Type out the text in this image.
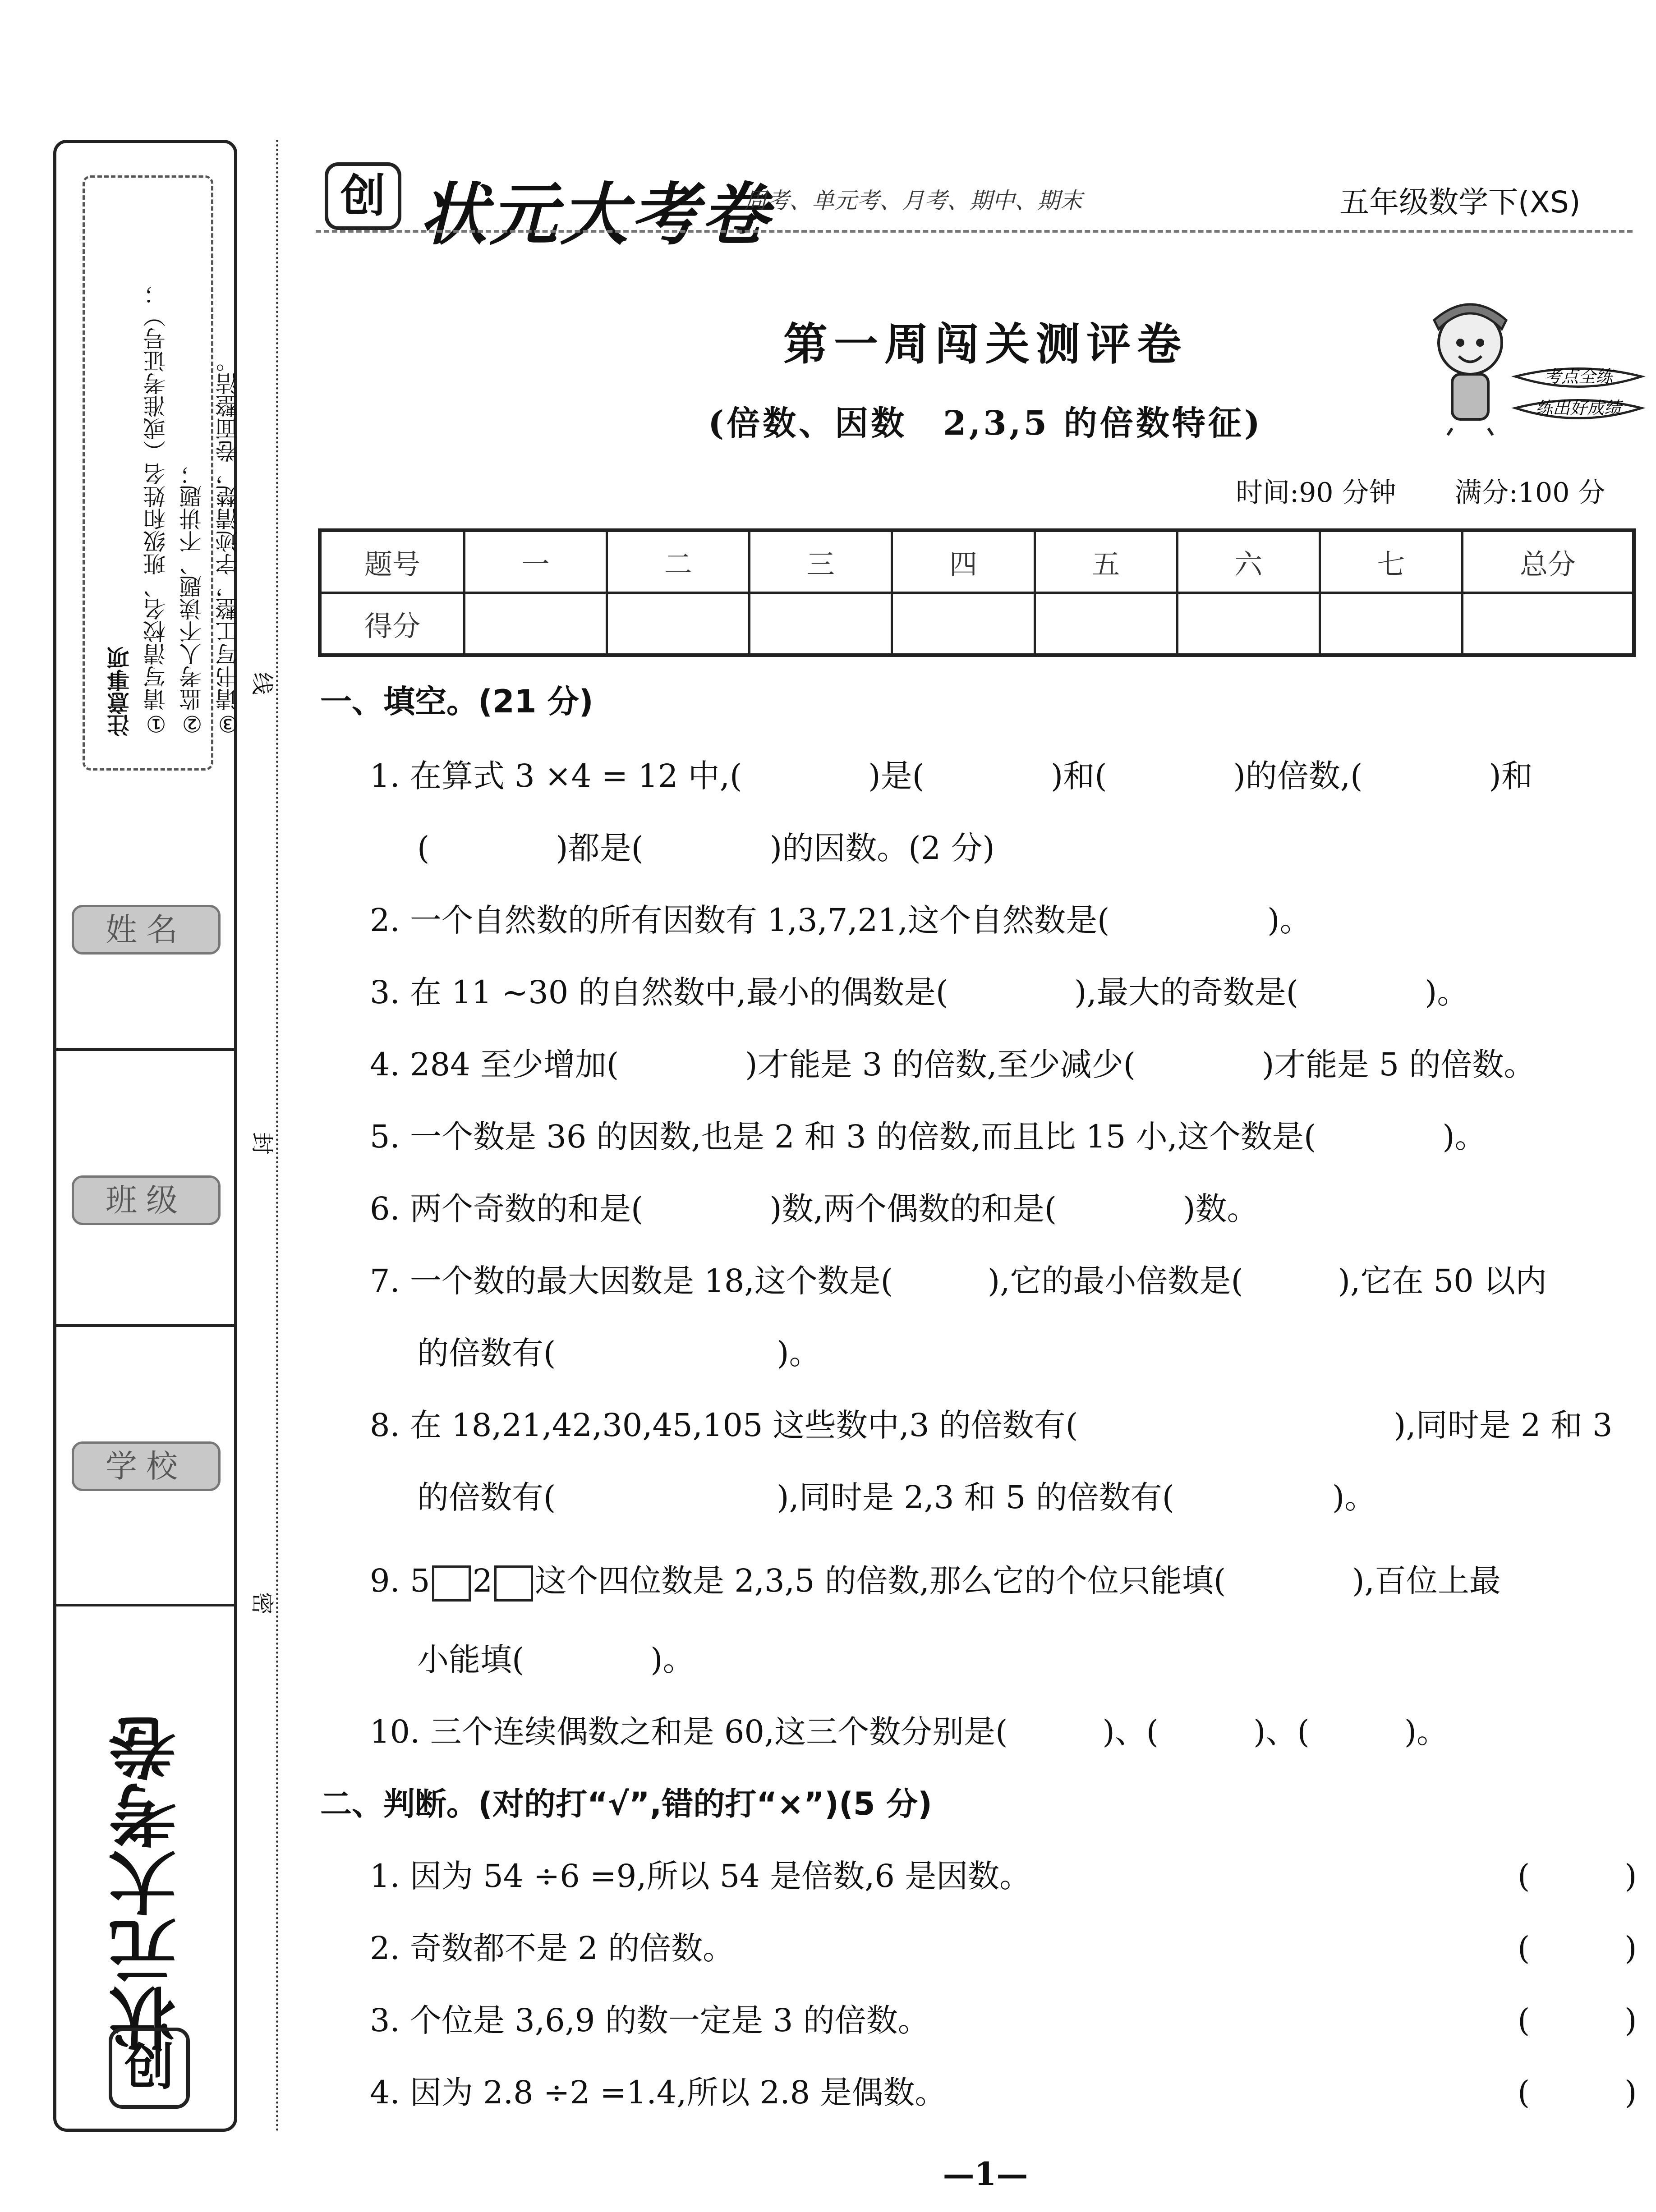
注意事项 ①请写清校名、班级和姓名（或准考证号）； ②监考人不读题、不讲题； ③请书写工整，字迹清楚，卷面整洁。
姓名
班级
学校
状元大考卷
创
线
封
密
创 状元大考卷
周考、单元考、月考、期中、期末	五年级数学下(XS)
第一周闯关测评卷
(倍数、因数　2,3,5 的倍数特征)
考点全练
练出好成绩
时间:90 分钟 满分:100 分
题号	一	二	三	四	五	六	七	总分
得分								
一、填空。(21 分)
1. 在算式 3 ×4 = 12 中,(　　　　)是(　　　　)和(　　　　)的倍数,(　　　　)和
(　　　　)都是(　　　　)的因数。(2 分)
2. 一个自然数的所有因数有 1,3,7,21,这个自然数是(　　　　　)。
3. 在 11 ~30 的自然数中,最小的偶数是(　　　　),最大的奇数是(　　　　)。
4. 284 至少增加(　　　　)才能是 3 的倍数,至少减少(　　　　)才能是 5 的倍数。
5. 一个数是 36 的因数,也是 2 和 3 的倍数,而且比 15 小,这个数是(　　　　)。
6. 两个奇数的和是(　　　　)数,两个偶数的和是(　　　　)数。
7. 一个数的最大因数是 18,这个数是(　　　),它的最小倍数是(　　　),它在 50 以内
的倍数有(　　　　　　　)。
8. 在 18,21,42,30,45,105 这些数中,3 的倍数有(　　　　　　　　　　),同时是 2 和 3
的倍数有(　　　　　　　),同时是 2,3 和 5 的倍数有(　　　　　)。
9. 5 2 这个四位数是 2,3,5 的倍数,那么它的个位只能填(　　　　),百位上最
小能填(　　　　)。
10. 三个连续偶数之和是 60,这三个数分别是(　　　)、(　　　)、(　　　)。
二、判断。(对的打“√”,错的打“×”)(5 分)
1. 因为 54 ÷6 =9,所以 54 是倍数,6 是因数。	(　　　)
2. 奇数都不是 2 的倍数。	(　　　)
3. 个位是 3,6,9 的数一定是 3 的倍数。	(　　　)
4. 因为 2.8 ÷2 =1.4,所以 2.8 是偶数。	(　　　)
—1—
